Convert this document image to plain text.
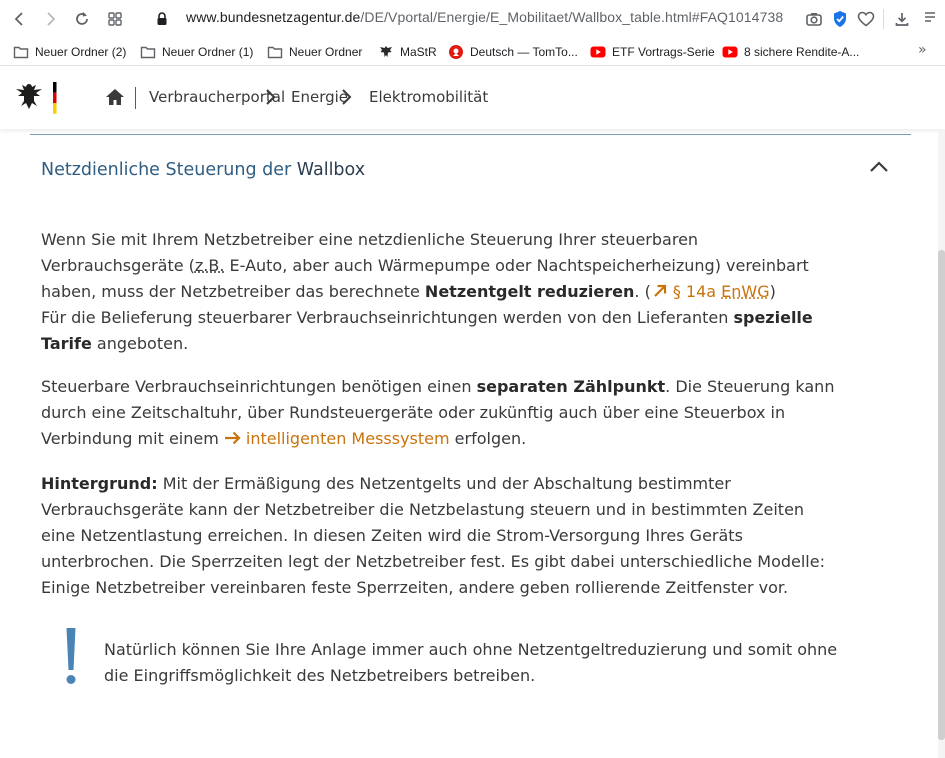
www.bundesnetzagentur.de/DE/Vportal/Energie/E_Mobilitaet/Wallbox_table.html#FAQ1014738
Neuer Ordner (2)	Neuer Ordner (1)	Neuer Ordner	MaStR	Deutsch — TomTo...	ETF Vortrags-Serie 8 sichere Rendite-A...	»
Verbraucherportal Energie Elektromobilität
Netzdienliche Steuerung der Wallbox
Wenn Sie mit Ihrem Netzbetreiber eine netzdienliche Steuerung Ihrer steuerbaren Verbrauchsgeräte (z.B. E-Auto, aber auch Wärmepumpe oder Nachtspeicherheizung) vereinbart haben, muss der Netzbetreiber das berechnete Netzentgelt reduzieren. ( § 14a EnWG)
Für die Belieferung steuerbarer Verbrauchseinrichtungen werden von den Lieferanten spezielle Tarife angeboten.
Steuerbare Verbrauchseinrichtungen benötigen einen separaten Zählpunkt. Die Steuerung kann durch eine Zeitschaltuhr, über Rundsteuergeräte oder zukünftig auch über eine Steuerbox in Verbindung mit einem intelligenten Messsystem erfolgen.
Hintergrund: Mit der Ermäßigung des Netzentgelts und der Abschaltung bestimmter Verbrauchsgeräte kann der Netzbetreiber die Netzbelastung steuern und in bestimmten Zeiten eine Netzentlastung erreichen. In diesen Zeiten wird die Strom-Versorgung Ihres Geräts unterbrochen. Die Sperrzeiten legt der Netzbetreiber fest. Es gibt dabei unterschiedliche Modelle: Einige Netzbetreiber vereinbaren feste Sperrzeiten, andere geben rollierende Zeitfenster vor.
Natürlich können Sie Ihre Anlage immer auch ohne Netzentgeltreduzierung und somit ohne die Eingriffsmöglichkeit des Netzbetreibers betreiben.
